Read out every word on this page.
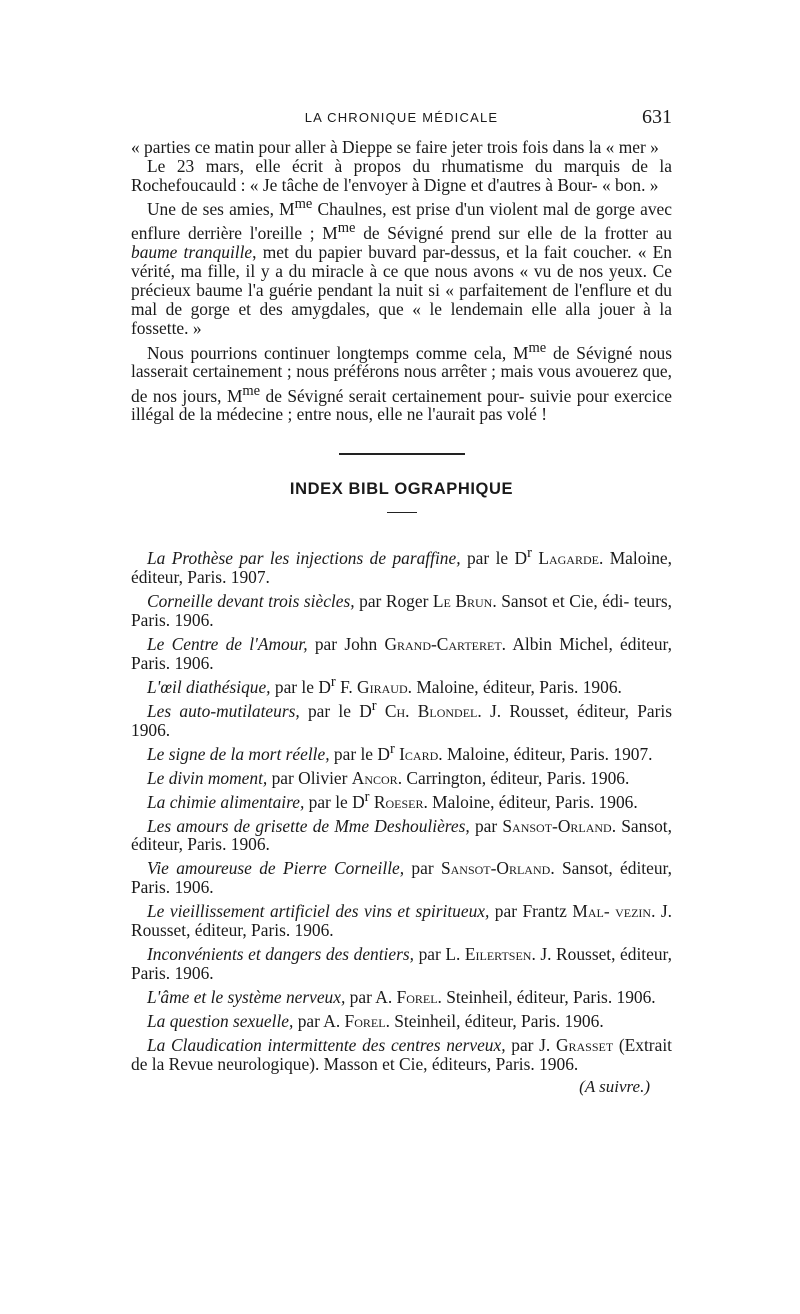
LA CHRONIQUE MÉDICALE	631

« parties ce matin pour aller à Dieppe se faire jeter trois fois dans la « mer »

Le 23 mars, elle écrit à propos du rhumatisme du marquis de la Rochefoucauld : « Je tâche de l'envoyer à Digne et d'autres à Bour- « bon. »

Une de ses amies, $M^{me}$ Chaulnes, est prise d'un violent mal de gorge avec enflure derrière l'oreille ; $M^{me}$ de Sévigné prend sur elle de la frotter au baume tranquille, met du papier buvard par-dessus, et la fait coucher. « En vérité, ma fille, il y a du miracle à ce que nous avons « vu de nos yeux. Ce précieux baume l'a guérie pendant la nuit si « parfaitement de l'enflure et du mal de gorge et des amygdales, que « le lendemain elle alla jouer à la fossette. »

Nous pourrions continuer longtemps comme cela, $M^{me}$ de Sévigné nous lasserait certainement ; nous préférons nous arrêter ; mais vous avouerez que, de nos jours, $M^{me}$ de Sévigné serait certainement pour- suivie pour exercice illégal de la médecine ; entre nous, elle ne l'aurait pas volé !

INDEX BIBL OGRAPHIQUE

La Prothèse par les injections de paraffine, par le $D^r$ Lagarde. Maloine, éditeur, Paris. 1907.

Corneille devant trois siècles, par Roger Le Brun. Sansot et Cie, édi- teurs, Paris. 1906.

Le Centre de l'Amour, par John Grand-Carteret. Albin Michel, éditeur, Paris. 1906.

L'œil diathésique, par le $D^r$ F. Giraud. Maloine, éditeur, Paris. 1906.

Les auto-mutilateurs, par le $D^r$ Ch. Blondel. J. Rousset, éditeur, Paris 1906.

Le signe de la mort réelle, par le $D^r$ Icard. Maloine, éditeur, Paris. 1907.

Le divin moment, par Olivier Ancor. Carrington, éditeur, Paris. 1906.

La chimie alimentaire, par le $D^r$ Roeser. Maloine, éditeur, Paris. 1906.

Les amours de grisette de Mme Deshoulières, par Sansot-Orland. Sansot, éditeur, Paris. 1906.

Vie amoureuse de Pierre Corneille, par Sansot-Orland. Sansot, éditeur, Paris. 1906.

Le vieillissement artificiel des vins et spiritueux, par Frantz Mal- vezin. J. Rousset, éditeur, Paris. 1906.

Inconvénients et dangers des dentiers, par L. Eilertsen. J. Rousset, éditeur, Paris. 1906.

L'âme et le système nerveux, par A. Forel. Steinheil, éditeur, Paris. 1906.

La question sexuelle, par A. Forel. Steinheil, éditeur, Paris. 1906.

La Claudication intermittente des centres nerveux, par J. Grasset (Extrait de la Revue neurologique). Masson et Cie, éditeurs, Paris. 1906.

(A suivre.)
